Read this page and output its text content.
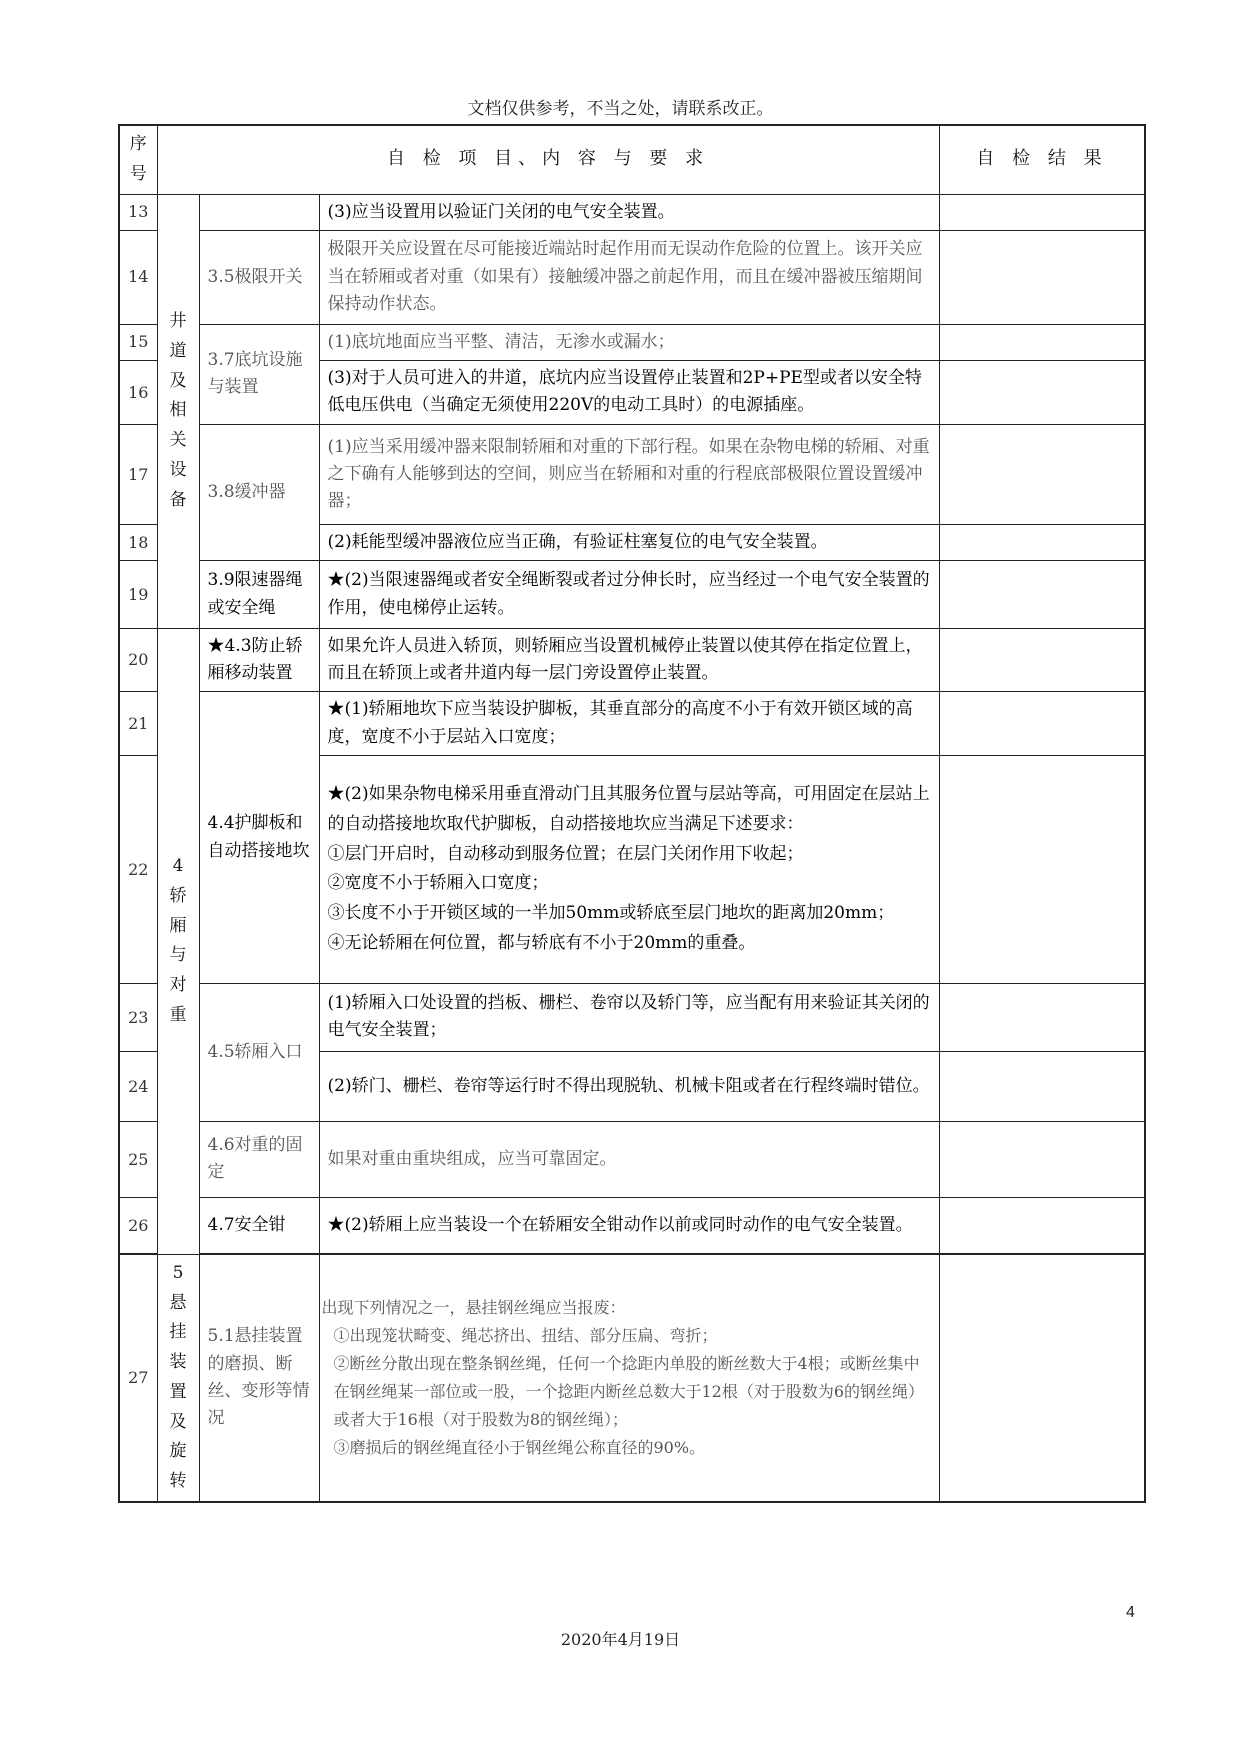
文档仅供参考，不当之处，请联系改正。
序号	自 检 项 目、内 容 与 要 求			自 检 结 果	
13	井道及相关设备		(3)应当设置用以验证门关闭的电气安全装置。		
14		3.5极限开关	极限开关应设置在尽可能接近端站时起作用而无误动作危险的位置上。该开关应当在轿厢或者对重（如果有）接触缓冲器之前起作用，而且在缓冲器被压缩期间保持动作状态。		
15		3.7底坑设施与装置	(1)底坑地面应当平整、清洁，无渗水或漏水；		
16			(3)对于人员可进入的井道，底坑内应当设置停止装置和2P+PE型或者以安全特低电压供电（当确定无须使用220V的电动工具时）的电源插座。		
17		3.8缓冲器	(1)应当采用缓冲器来限制轿厢和对重的下部行程。如果在杂物电梯的轿厢、对重之下确有人能够到达的空间，则应当在轿厢和对重的行程底部极限位置设置缓冲器；		
18			(2)耗能型缓冲器液位应当正确，有验证柱塞复位的电气安全装置。		
19		3.9限速器绳或安全绳	★(2)当限速器绳或者安全绳断裂或者过分伸长时，应当经过一个电气安全装置的作用，使电梯停止运转。		
20	4轿厢与对重	★4.3防止轿厢移动装置	如果允许人员进入轿顶，则轿厢应当设置机械停止装置以使其停在指定位置上，而且在轿顶上或者井道内每一层门旁设置停止装置。		
21		4.4护脚板和自动搭接地坎	★(1)轿厢地坎下应当装设护脚板，其垂直部分的高度不小于有效开锁区域的高度，宽度不小于层站入口宽度；		
22			★(2)如果杂物电梯采用垂直滑动门且其服务位置与层站等高，可用固定在层站上的自动搭接地坎取代护脚板，自动搭接地坎应当满足下述要求：
①层门开启时，自动移动到服务位置；在层门关闭作用下收起；
②宽度不小于轿厢入口宽度；
③长度不小于开锁区域的一半加50mm或轿底至层门地坎的距离加20mm；
④无论轿厢在何位置，都与轿底有不小于20mm的重叠。		

23		4.5轿厢入口	(1)轿厢入口处设置的挡板、栅栏、卷帘以及轿门等，应当配有用来验证其关闭的电气安全装置；		
24			(2)轿门、栅栏、卷帘等运行时不得出现脱轨、机械卡阻或者在行程终端时错位。		
25		4.6对重的固定	如果对重由重块组成，应当可靠固定。		
26		4.7安全钳	★(2)轿厢上应当装设一个在轿厢安全钳动作以前或同时动作的电气安全装置。		

27	5悬挂装置及旋转	5.1悬挂装置的磨损、断丝、变形等情况	出现下列情况之一，悬挂钢丝绳应当报废：
①出现笼状畸变、绳芯挤出、扭结、部分压扁、弯折；
②断丝分散出现在整条钢丝绳，任何一个捻距内单股的断丝数大于4根；或断丝集中在钢丝绳某一部位或一股，一个捻距内断丝总数大于12根（对于股数为6的钢丝绳）或者大于16根（对于股数为8的钢丝绳）；
③磨损后的钢丝绳直径小于钢丝绳公称直径的90%。		

4
2020年4月19日
